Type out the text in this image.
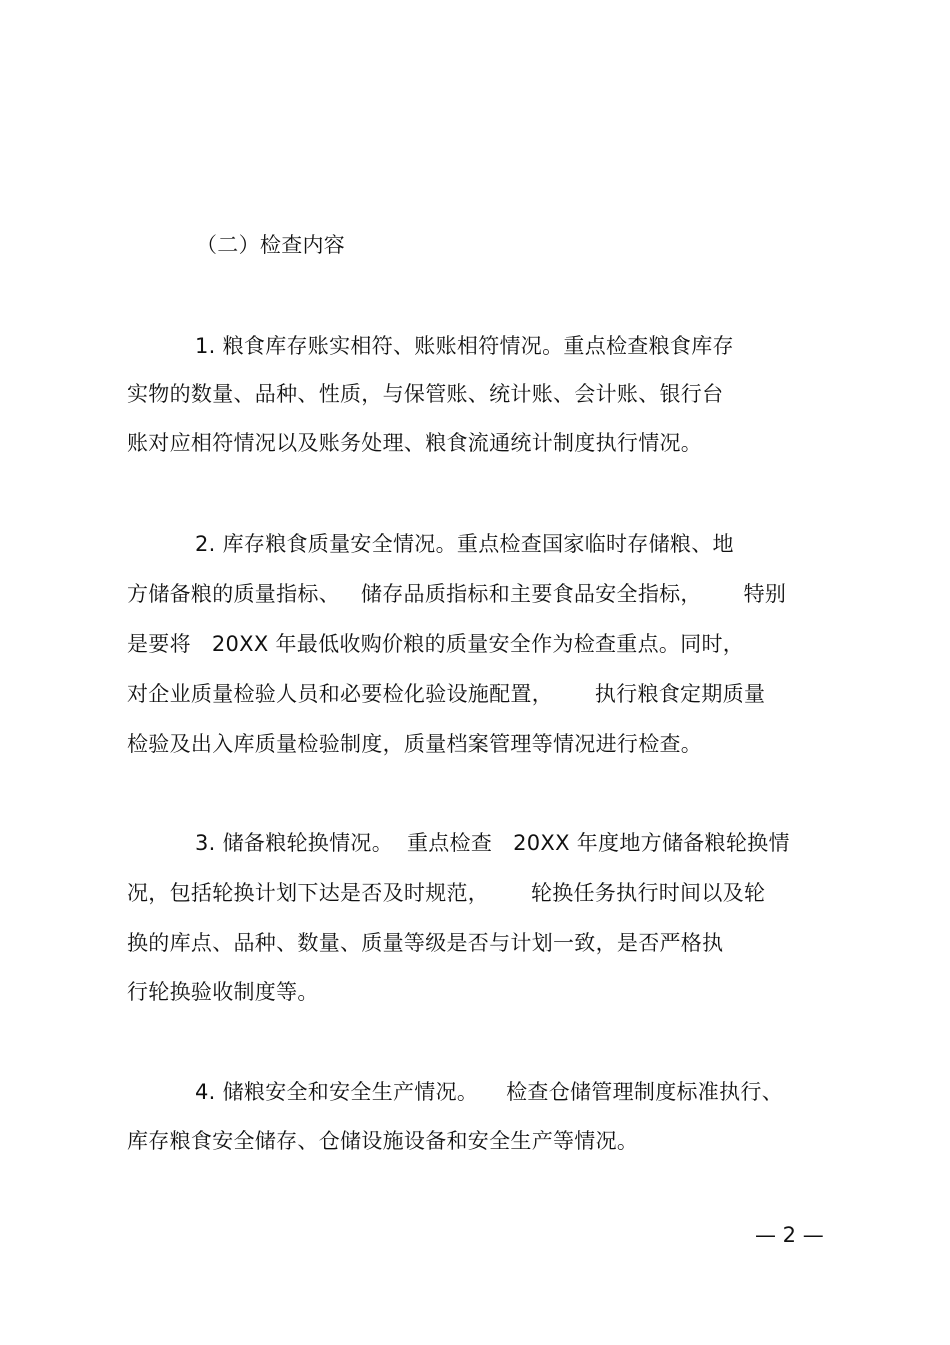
（二）检查内容
1. 粮食库存账实相符、账账相符情况。重点检查粮食库存
实物的数量、品种、性质，与保管账、统计账、会计账、银行台
账对应相符情况以及账务处理、粮食流通统计制度执行情况。
2. 库存粮食质量安全情况。重点检查国家临时存储粮、地
方储备粮的质量指标、   储存品质指标和主要食品安全指标，      特别
是要将   20XX 年最低收购价粮的质量安全作为检查重点。同时，
对企业质量检验人员和必要检化验设施配置，      执行粮食定期质量
检验及出入库质量检验制度，质量档案管理等情况进行检查。
3. 储备粮轮换情况。  重点检查   20XX 年度地方储备粮轮换情
况，包括轮换计划下达是否及时规范，      轮换任务执行时间以及轮
换的库点、品种、数量、质量等级是否与计划一致，是否严格执
行轮换验收制度等。
4. 储粮安全和安全生产情况。    检查仓储管理制度标准执行、
库存粮食安全储存、仓储设施设备和安全生产等情况。
— 2 —
